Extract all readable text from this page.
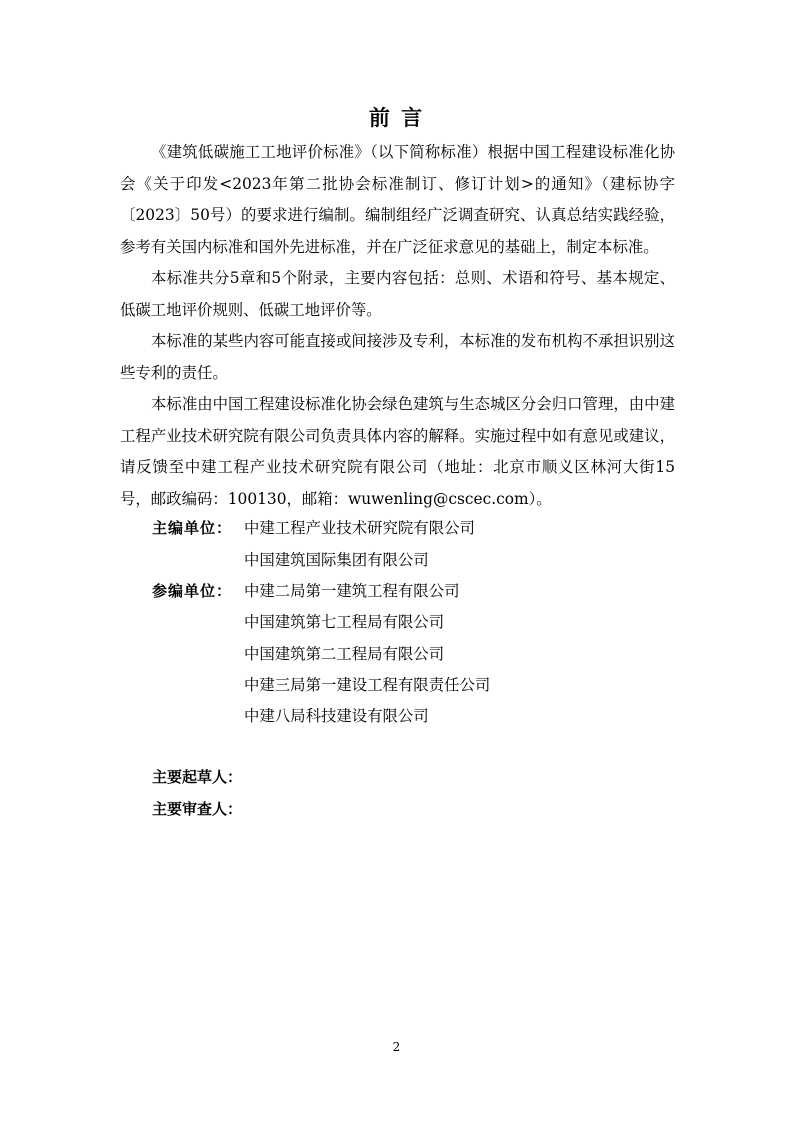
前 言

《建筑低碳施工工地评价标准》（以下简称标准）根据中国工程建设标准化协会《关于印发<2023年第二批协会标准制订、修订计划>的通知》（建标协字〔2023〕50号）的要求进行编制。编制组经广泛调查研究、认真总结实践经验，参考有关国内标准和国外先进标准，并在广泛征求意见的基础上，制定本标准。

本标准共分5章和5个附录，主要内容包括：总则、术语和符号、基本规定、低碳工地评价规则、低碳工地评价等。

本标准的某些内容可能直接或间接涉及专利，本标准的发布机构不承担识别这些专利的责任。

本标准由中国工程建设标准化协会绿色建筑与生态城区分会归口管理，由中建工程产业技术研究院有限公司负责具体内容的解释。实施过程中如有意见或建议，请反馈至中建工程产业技术研究院有限公司（地址：北京市顺义区林河大街15号，邮政编码：100130，邮箱：wuwenling@cscec.com）。

主编单位： 中建工程产业技术研究院有限公司
中国建筑国际集团有限公司
参编单位： 中建二局第一建筑工程有限公司
中国建筑第七工程局有限公司
中国建筑第二工程局有限公司
中建三局第一建设工程有限责任公司
中建八局科技建设有限公司
主要起草人：
主要审查人：
2
